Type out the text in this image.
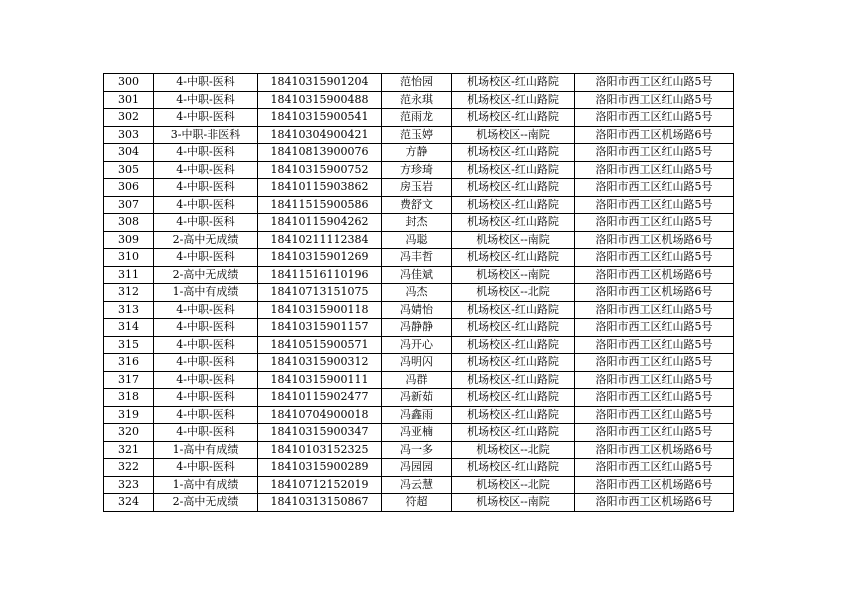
300	4-中职-医科	18410315901204	范怡园	机场校区-红山路院	洛阳市西工区红山路5号
301	4-中职-医科	18410315900488	范永琪	机场校区-红山路院	洛阳市西工区红山路5号
302	4-中职-医科	18410315900541	范雨龙	机场校区-红山路院	洛阳市西工区红山路5号
303	3-中职-非医科	18410304900421	范玉婷	机场校区--南院	洛阳市西工区机场路6号
304	4-中职-医科	18410813900076	方静	机场校区-红山路院	洛阳市西工区红山路5号
305	4-中职-医科	18410315900752	方珍琦	机场校区-红山路院	洛阳市西工区红山路5号
306	4-中职-医科	18410115903862	房玉岩	机场校区-红山路院	洛阳市西工区红山路5号
307	4-中职-医科	18411515900586	费舒文	机场校区-红山路院	洛阳市西工区红山路5号
308	4-中职-医科	18410115904262	封杰	机场校区-红山路院	洛阳市西工区红山路5号
309	2-高中无成绩	18410211112384	冯聪	机场校区--南院	洛阳市西工区机场路6号
310	4-中职-医科	18410315901269	冯丰哲	机场校区-红山路院	洛阳市西工区红山路5号
311	2-高中无成绩	18411516110196	冯佳斌	机场校区--南院	洛阳市西工区机场路6号
312	1-高中有成绩	18410713151075	冯杰	机场校区--北院	洛阳市西工区机场路6号
313	4-中职-医科	18410315900118	冯婧怡	机场校区-红山路院	洛阳市西工区红山路5号
314	4-中职-医科	18410315901157	冯静静	机场校区-红山路院	洛阳市西工区红山路5号
315	4-中职-医科	18410515900571	冯开心	机场校区-红山路院	洛阳市西工区红山路5号
316	4-中职-医科	18410315900312	冯明闪	机场校区-红山路院	洛阳市西工区红山路5号
317	4-中职-医科	18410315900111	冯群	机场校区-红山路院	洛阳市西工区红山路5号
318	4-中职-医科	18410115902477	冯新茹	机场校区-红山路院	洛阳市西工区红山路5号
319	4-中职-医科	18410704900018	冯鑫雨	机场校区-红山路院	洛阳市西工区红山路5号
320	4-中职-医科	18410315900347	冯亚楠	机场校区-红山路院	洛阳市西工区红山路5号
321	1-高中有成绩	18410103152325	冯一多	机场校区--北院	洛阳市西工区机场路6号
322	4-中职-医科	18410315900289	冯园园	机场校区-红山路院	洛阳市西工区红山路5号
323	1-高中有成绩	18410712152019	冯云慧	机场校区--北院	洛阳市西工区机场路6号
324	2-高中无成绩	18410313150867	符超	机场校区--南院	洛阳市西工区机场路6号
